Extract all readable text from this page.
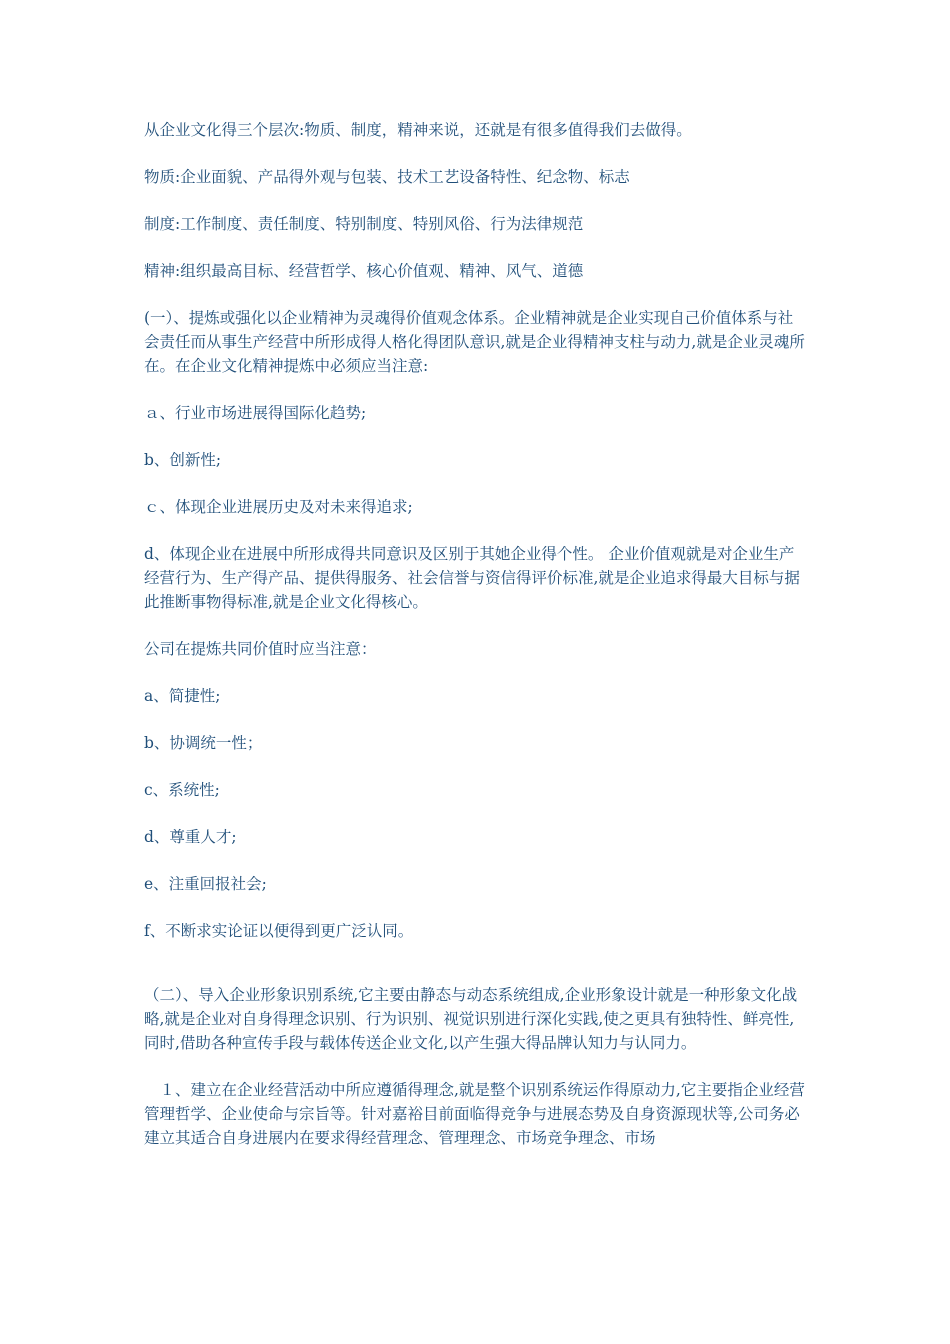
从企业文化得三个层次:物质、制度，精神来说，还就是有很多值得我们去做得。

物质:企业面貌、产品得外观与包装、技术工艺设备特性、纪念物、标志

制度:工作制度、责任制度、特别制度、特别风俗、行为法律规范

精神:组织最高目标、经营哲学、核心价值观、精神、风气、道德

(一）、提炼或强化以企业精神为灵魂得价值观念体系。企业精神就是企业实现自己价值体系与社会责任而从事生产经营中所形成得人格化得团队意识,就是企业得精神支柱与动力,就是企业灵魂所在。在企业文化精神提炼中必须应当注意:

ａ、行业市场进展得国际化趋势;

b、创新性;

ｃ、体现企业进展历史及对未来得追求;

d、体现企业在进展中所形成得共同意识及区别于其她企业得个性。 企业价值观就是对企业生产经营行为、生产得产品、提供得服务、社会信誉与资信得评价标准,就是企业追求得最大目标与据此推断事物得标准,就是企业文化得核心。

公司在提炼共同价值时应当注意：

a、简捷性;

b、协调统一性；

c、系统性;

d、尊重人才;

e、注重回报社会;

f、不断求实论证以便得到更广泛认同。

（二）、导入企业形象识别系统,它主要由静态与动态系统组成,企业形象设计就是一种形象文化战略,就是企业对自身得理念识别、行为识别、视觉识别进行深化实践,使之更具有独特性、鲜亮性,同时,借助各种宣传手段与载体传送企业文化,以产生强大得品牌认知力与认同力。

　１、建立在企业经营活动中所应遵循得理念,就是整个识别系统运作得原动力,它主要指企业经营管理哲学、企业使命与宗旨等。针对嘉裕目前面临得竞争与进展态势及自身资源现状等,公司务必建立其适合自身进展内在要求得经营理念、管理理念、市场竞争理念、市场
